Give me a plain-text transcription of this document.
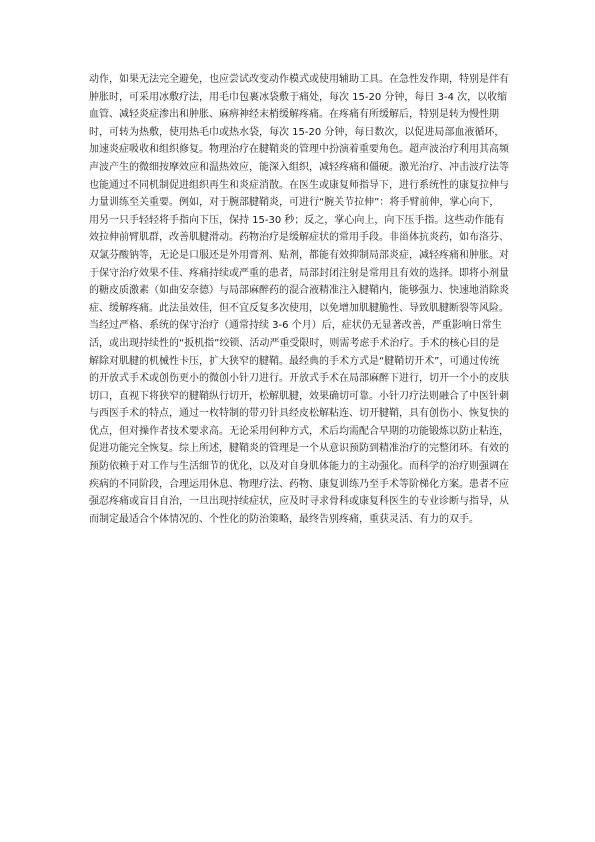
动作，如果无法完全避免，也应尝试改变动作模式或使用辅助工具。在急性发作期，特别是伴有肿胀时，可采用冰敷疗法，用毛巾包裹冰袋敷于痛处，每次 15-20 分钟，每日 3-4 次，以收缩血管、减轻炎症渗出和肿胀、麻痹神经末梢缓解疼痛。在疼痛有所缓解后，特别是转为慢性期时，可转为热敷，使用热毛巾或热水袋，每次 15-20 分钟，每日数次，以促进局部血液循环，加速炎症吸收和组织修复。物理治疗在腱鞘炎的管理中扮演着重要角色。超声波治疗利用其高频声波产生的微细按摩效应和温热效应，能深入组织，减轻疼痛和僵硬。激光治疗、冲击波疗法等也能通过不同机制促进组织再生和炎症消散。在医生或康复师指导下，进行系统性的康复拉伸与力量训练至关重要。例如，对于腕部腱鞘炎，可进行“腕关节拉伸”：将手臂前伸，掌心向下，用另一只手轻轻将手指向下压，保持 15-30 秒；反之，掌心向上，向下压手指。这些动作能有效拉伸前臂肌群，改善肌腱滑动。药物治疗是缓解症状的常用手段。非甾体抗炎药，如布洛芬、双氯芬酸钠等，无论是口服还是外用膏剂、贴剂，都能有效抑制局部炎症，减轻疼痛和肿胀。对于保守治疗效果不佳、疼痛持续或严重的患者，局部封闭注射是常用且有效的选择。即将小剂量的糖皮质激素（如曲安奈德）与局部麻醉药的混合液精准注入腱鞘内，能够强力、快速地消除炎症、缓解疼痛。此法虽效佳，但不宜反复多次使用，以免增加肌腱脆性、导致肌腱断裂等风险。当经过严格、系统的保守治疗（通常持续 3-6 个月）后，症状仍无显著改善，严重影响日常生活，或出现持续性的“扳机指”绞锁、活动严重受限时，则需考虑手术治疗。手术的核心目的是解除对肌腱的机械性卡压，扩大狭窄的腱鞘。最经典的手术方式是“腱鞘切开术”，可通过传统的开放式手术或创伤更小的微创小针刀进行。开放式手术在局部麻醉下进行，切开一个小的皮肤切口，直视下将狭窄的腱鞘纵行切开，松解肌腱，效果确切可靠。小针刀疗法则融合了中医针刺与西医手术的特点，通过一枚特制的带刃针具经皮松解粘连、切开腱鞘，具有创伤小、恢复快的优点，但对操作者技术要求高。无论采用何种方式，术后均需配合早期的功能锻炼以防止粘连，促进功能完全恢复。综上所述，腱鞘炎的管理是一个从意识预防到精准治疗的完整闭环。有效的预防依赖于对工作与生活细节的优化，以及对自身肌体能力的主动强化。而科学的治疗则强调在疾病的不同阶段，合理运用休息、物理疗法、药物、康复训练乃至手术等阶梯化方案。患者不应强忍疼痛或盲目自治，一旦出现持续症状，应及时寻求骨科或康复科医生的专业诊断与指导，从而制定最适合个体情况的、个性化的防治策略，最终告别疼痛，重获灵活、有力的双手。
